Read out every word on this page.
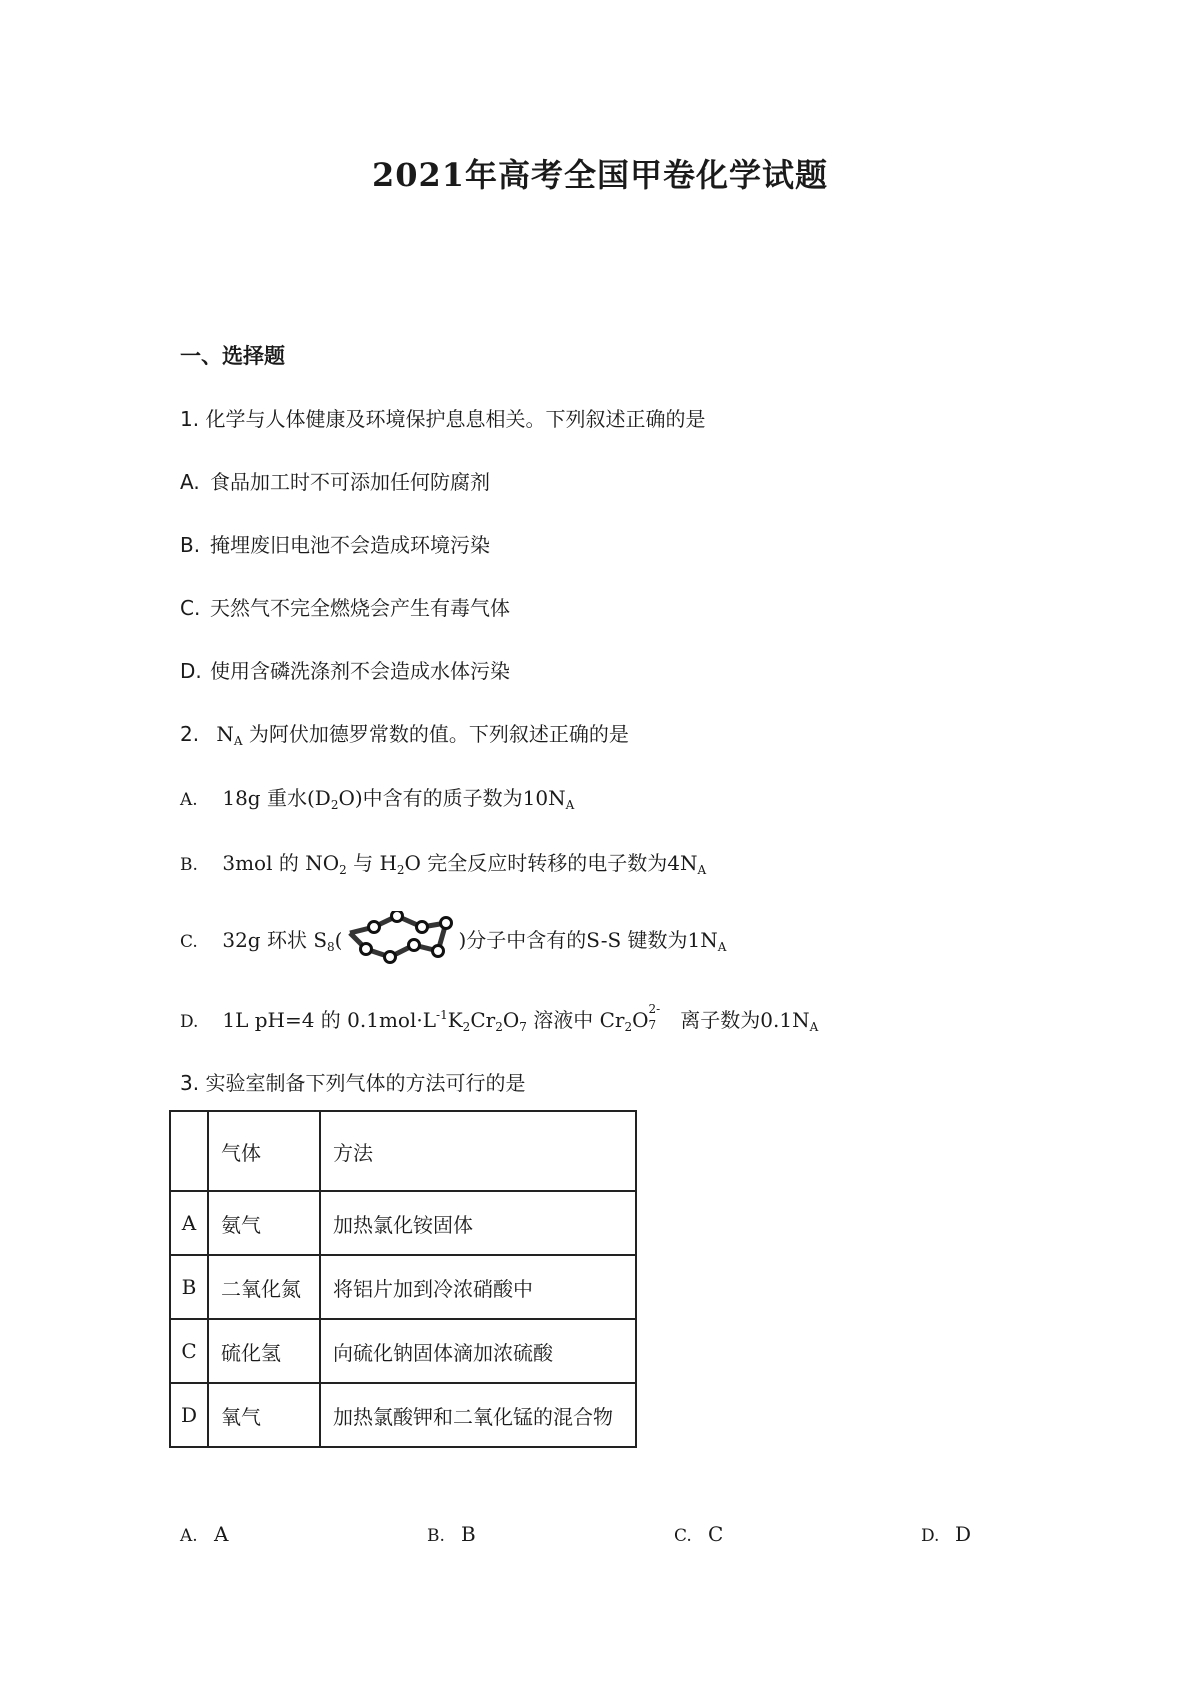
2021年高考全国甲卷化学试题
一、选择题
1. 化学与人体健康及环境保护息息相关。下列叙述正确的是
A. 食品加工时不可添加任何防腐剂
B. 掩埋废旧电池不会造成环境污染
C. 天然气不完全燃烧会产生有毒气体
D. 使用含磷洗涤剂不会造成水体污染
2. $N_A$ 为阿伏加德罗常数的值。下列叙述正确的是
A. 18g 重水$(D_2O)$中含有的质子数为$10N_A$
B. 3mol 的 $NO_2$ 与 $H_2O$ 完全反应时转移的电子数为$4N_A$
C. 32g 环状 $S_8$(	)分子中含有的S-S 键数为$1N_A$
D. 1L pH=4 的 $0.1mol\cdot L^{-1}K_2Cr_2O_7$ 溶液中 $Cr_2O$ 2-
7
   离子数为$0.1N_A$
3. 实验室制备下列气体的方法可行的是
	气体	方法
A	氨气	加热氯化铵固体
B	二氧化氮	将铝片加到冷浓硝酸中
C	硫化氢	向硫化钠固体滴加浓硫酸
D	氧气	加热氯酸钾和二氧化锰的混合物
A. A	B. B	C. C	D. D
